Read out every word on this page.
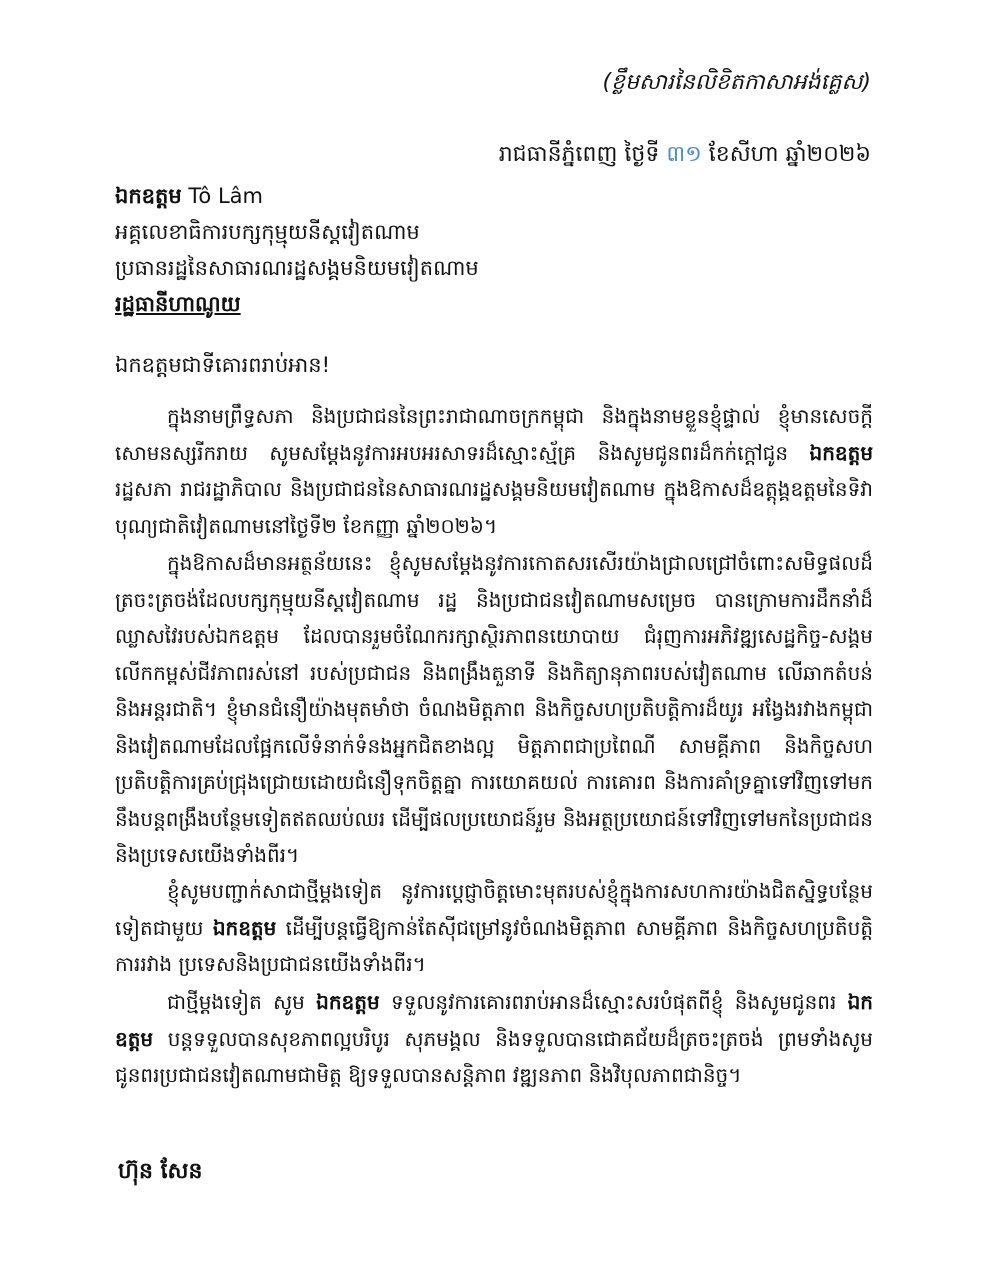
(ខ្លឹមសារនៃលិខិតកាសាអង់គ្លេស)
រាជធានីភ្នំពេញ ថ្ងៃទី ៣១ ខែសីហា ឆ្នាំ២០២៦
ឯកឧត្តម Tô Lâm
អគ្គលេខាធិការបក្សកុម្មុយនីស្តវៀតណាម
ប្រធានរដ្ឋនៃសាធារណរដ្ឋសង្គមនិយមវៀតណាម
រដ្ឋធានីហាណូយ
ឯកឧត្តមជាទីគោរពរាប់អាន!

ក្នុងនាមព្រឹទ្ធសភា និងប្រជាជននៃព្រះរាជាណាចក្រកម្ពុជា និងក្នុងនាមខ្លួនខ្ញុំផ្ទាល់ ខ្ញុំមានសេចក្តីសោមនស្សរីករាយ សូមសម្តែងនូវការអបអរសាទរដ៏ស្មោះស្ម័គ្រ និងសូមជូនពរដ៏កក់ក្តៅជូន ឯកឧត្តម រដ្ឋសភា រាជរដ្ឋាភិបាល និងប្រជាជននៃសាធារណរដ្ឋសង្គមនិយមវៀតណាម ក្នុងឱកាសដ៏ឧត្តុង្គឧត្តមនៃទិវាបុណ្យជាតិវៀតណាមនៅថ្ងៃទី២ ខែកញ្ញា ឆ្នាំ២០២៦។

ក្នុងឱកាសដ៏មានអត្ថន័យនេះ ខ្ញុំសូមសម្តែងនូវការកោតសរសើរយ៉ាងជ្រាលជ្រៅចំពោះសមិទ្ធផលដ៏ត្រចះត្រចង់ដែលបក្សកុម្មុយនីស្តវៀតណាម រដ្ឋ និងប្រជាជនវៀតណាមសម្រេច បានក្រោមការដឹកនាំដ៏ឈ្លាសវៃរបស់ឯកឧត្តម ដែលបានរួមចំណែករក្សាស្ថិរភាពនយោបាយ ជំរុញការអភិវឌ្ឍសេដ្ឋកិច្ច-សង្គម លើកកម្ពស់ជីវភាពរស់នៅ របស់ប្រជាជន និងពង្រឹងតួនាទី និងកិត្យានុភាពរបស់វៀតណាម លើឆាកតំបន់ និងអន្តរជាតិ។ ខ្ញុំមានជំនឿយ៉ាងមុតមាំថា ចំណងមិត្តភាព និងកិច្ចសហប្រតិបត្តិការដ៏យូរ អង្វែងរវាងកម្ពុជា និងវៀតណាមដែលផ្អែកលើទំនាក់ទំនងអ្នកជិតខាងល្អ មិត្តភាពជាប្រពៃណី សាមគ្គីភាព និងកិច្ចសហប្រតិបត្តិការគ្រប់ជ្រុងជ្រោយដោយជំនឿទុកចិត្តគ្នា ការយោគយល់ ការគោរព និងការគាំទ្រគ្នាទៅវិញទៅមក នឹងបន្តពង្រឹងបន្ថែមទៀតឥតឈប់ឈរ ដើម្បីផលប្រយោជន៍រួម និងអត្ថប្រយោជន៍ទៅវិញទៅមកនៃប្រជាជន និងប្រទេសយើងទាំងពីរ។

ខ្ញុំសូមបញ្ជាក់សាជាថ្មីម្តងទៀត នូវការប្តេជ្ញាចិត្តមោះមុតរបស់ខ្ញុំក្នុងការសហការយ៉ាងជិតស្និទ្ធបន្ថែមទៀតជាមួយ ឯកឧត្តម ដើម្បីបន្តធ្វើឱ្យកាន់តែស៊ីជម្រៅនូវចំណងមិត្តភាព សាមគ្គីភាព និងកិច្ចសហប្រតិបត្តិការរវាង ប្រទេសនិងប្រជាជនយើងទាំងពីរ។

ជាថ្មីម្តងទៀត សូម ឯកឧត្តម ទទួលនូវការគោរពរាប់អានដ៏ស្មោះសរបំផុតពីខ្ញុំ និងសូមជូនពរ ឯកឧត្តម បន្តទទួលបានសុខភាពល្អបរិបូរ សុភមង្គល និងទទួលបានជោគជ័យដ៏ត្រចះត្រចង់ ព្រមទាំងសូមជូនពរប្រជាជនវៀតណាមជាមិត្ត ឱ្យទទួលបានសន្តិភាព វឌ្ឍនភាព និងវិបុលភាពជានិច្ច។

ហ៊ុន សែន
